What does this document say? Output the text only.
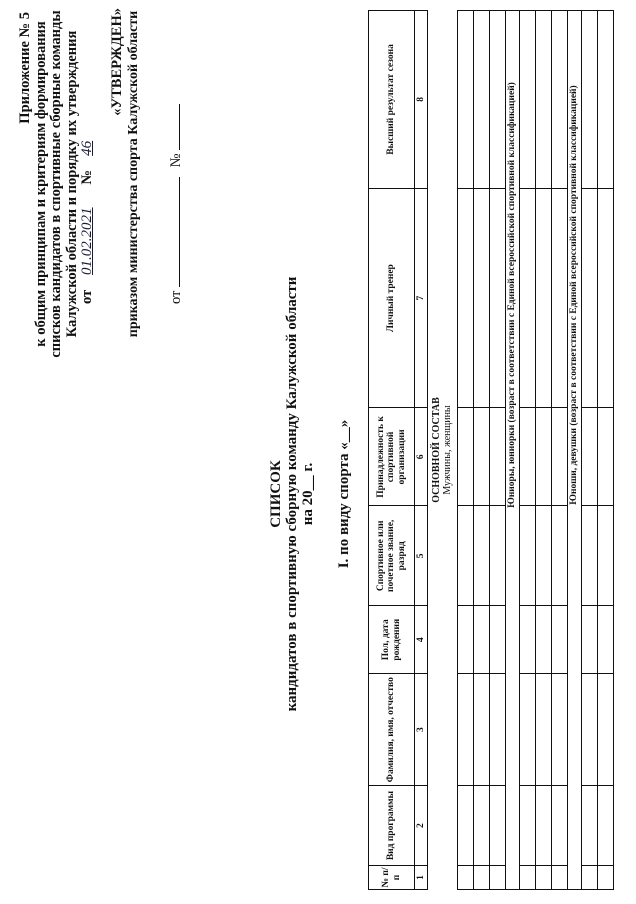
Приложение № 5 к общим принципам и критериям формирования списков кандидатов в спортивные сборные команды Калужской области и порядку их утверждения от 01.02.2021 № 46
«УТВЕРЖДЕН» приказом министерства спорта Калужской области от  №
СПИСОК кандидатов в спортивную сборную команду Калужской области на 20__ г. I. по виду спорта «__»
№ п/п	Вид программы	Фамилия, имя, отчество	Пол, дата рождения	Спортивное или почетное звание, разряд	Принадлежность к спортивной организации	Личный тренер	Высший результат сезона
1	2	3	4	5	6	7	8

ОСНОВНОЙ СОСТАВ Мужчины, женщины							

Юниоры, юниорки (возраст в соответствии с Единой всероссийской спортивной классификацией)							

Юноши, девушки (возраст в соответствии с Единой всероссийской спортивной классификацией)							
